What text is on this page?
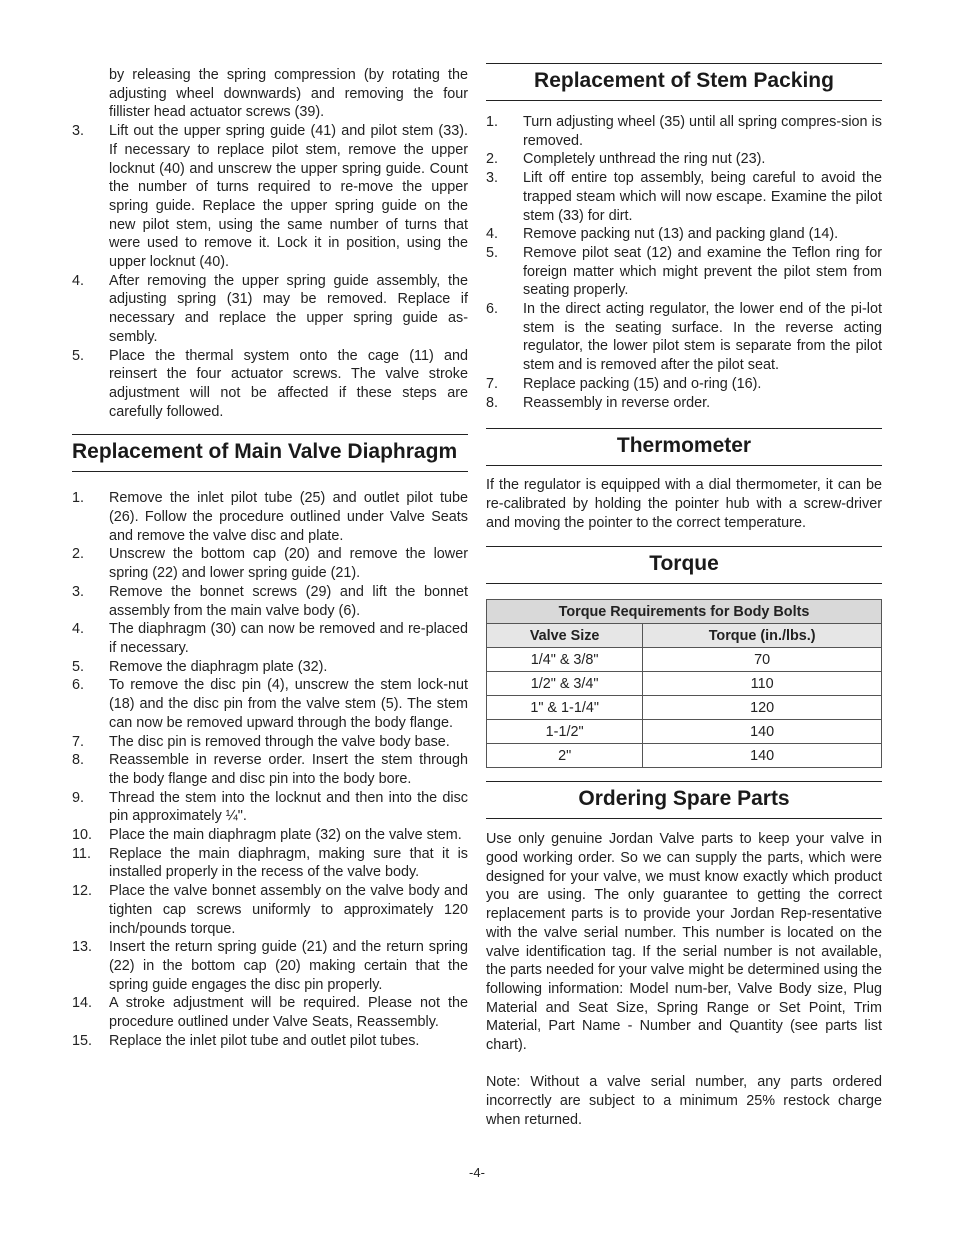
by releasing the spring compression (by rotating the adjusting wheel downwards) and removing the four fillister head actuator screws (39).

3. Lift out the upper spring guide (41) and pilot stem (33). If necessary to replace pilot stem, remove the upper locknut (40) and unscrew the upper spring guide. Count the number of turns required to re-move the upper spring guide. Replace the upper spring guide on the new pilot stem, using the same number of turns that were used to remove it. Lock it in position, using the upper locknut (40).
4. After removing the upper spring guide assembly, the adjusting spring (31) may be removed. Replace if necessary and replace the upper spring guide as-sembly.
5. Place the thermal system onto the cage (11) and reinsert the four actuator screws. The valve stroke adjustment will not be affected if these steps are carefully followed.
Replacement of Main Valve Diaphragm
1. Remove the inlet pilot tube (25) and outlet pilot tube (26). Follow the procedure outlined under Valve Seats and remove the valve disc and plate.
2. Unscrew the bottom cap (20) and remove the lower spring (22) and lower spring guide (21).
3. Remove the bonnet screws (29) and lift the bonnet assembly from the main valve body (6).
4. The diaphragm (30) can now be removed and re-placed if necessary.
5. Remove the diaphragm plate (32).
6. To remove the disc pin (4), unscrew the stem lock-nut (18) and the disc pin from the valve stem (5). The stem can now be removed upward through the body flange.
7. The disc pin is removed through the valve body base.
8. Reassemble in reverse order. Insert the stem through the body flange and disc pin into the body bore.
9. Thread the stem into the locknut and then into the disc pin approximately ¼".
10. Place the main diaphragm plate (32) on the valve stem.
11. Replace the main diaphragm, making sure that it is installed properly in the recess of the valve body.
12. Place the valve bonnet assembly on the valve body and tighten cap screws uniformly to approximately 120 inch/pounds torque.
13. Insert the return spring guide (21) and the return spring (22) in the bottom cap (20) making certain that the spring guide engages the disc pin properly.
14. A stroke adjustment will be required. Please not the procedure outlined under Valve Seats, Reassembly.
15. Replace the inlet pilot tube and outlet pilot tubes.
Replacement of Stem Packing
1. Turn adjusting wheel (35) until all spring compres-sion is removed.
2. Completely unthread the ring nut (23).
3. Lift off entire top assembly, being careful to avoid the trapped steam which will now escape. Examine the pilot stem (33) for dirt.
4. Remove packing nut (13) and packing gland (14).
5. Remove pilot seat (12) and examine the Teflon ring for foreign matter which might prevent the pilot stem from seating properly.
6. In the direct acting regulator, the lower end of the pi-lot stem is the seating surface. In the reverse acting regulator, the lower pilot stem is separate from the pilot stem and is removed after the pilot seat.
7. Replace packing (15) and o-ring (16).
8. Reassembly in reverse order.
Thermometer

If the regulator is equipped with a dial thermometer, it can be re-calibrated by holding the pointer hub with a screw-driver and moving the pointer to the correct temperature.

Torque
Torque Requirements for Body Bolts	
Valve Size	Torque (in./lbs.)
1/4" & 3/8"	70
1/2" & 3/4"	110
1" & 1-1/4"	120
1-1/2"	140
2"	140
Ordering Spare Parts

Use only genuine Jordan Valve parts to keep your valve in good working order. So we can supply the parts, which were designed for your valve, we must know exactly which product you are using. The only guarantee to getting the correct replacement parts is to provide your Jordan Rep-resentative with the valve serial number. This number is located on the valve identification tag. If the serial number is not available, the parts needed for your valve might be determined using the following information: Model num-ber, Valve Body size, Plug Material and Seat Size, Spring Range or Set Point, Trim Material, Part Name - Number and Quantity (see parts list chart).

Note: Without a valve serial number, any parts ordered incorrectly are subject to a minimum 25% restock charge when returned.

-4-
